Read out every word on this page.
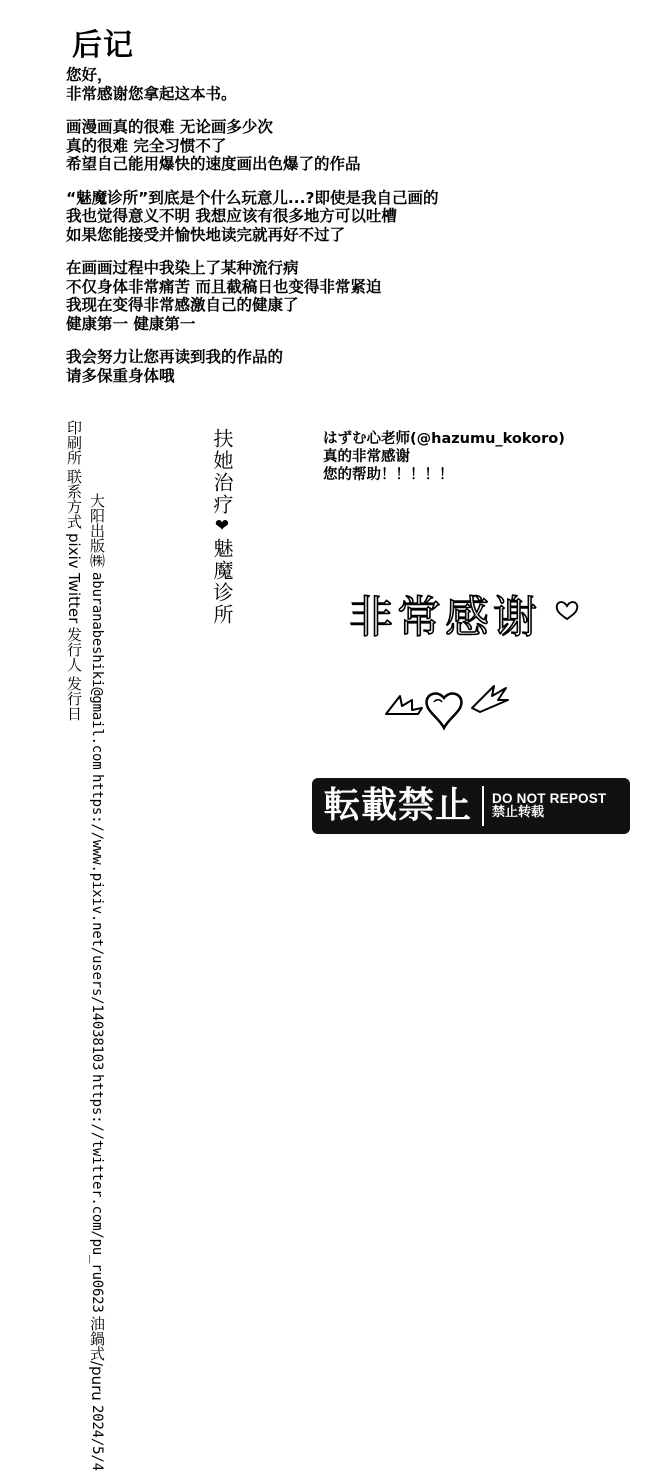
后记
您好，
非常感谢您拿起这本书。
画漫画真的很难 无论画多少次
真的很难 完全习惯不了
希望自己能用爆快的速度画出色爆了的作品
“魅魔诊所”到底是个什么玩意儿...?即使是我自己画的
我也觉得意义不明 我想应该有很多地方可以吐槽
如果您能接受并愉快地读完就再好不过了
在画画过程中我染上了某种流行病
不仅身体非常痛苦 而且截稿日也变得非常紧迫
我现在变得非常感激自己的健康了
健康第一 健康第一
我会努力让您再读到我的作品的
请多保重身体哦
扶她治疗❤魅魔诊所
发行日
发行人
Twitter
pixiv
联系方式
印刷所
2024/5/4
油鍋式/puru
https://twitter.com/pu_ru0623
https://www.pixiv.net/users/14038103
aburanabeshiki@gmail.com
大阳出版㈱
はずむ心老师(@hazumu_kokoro)
真的非常感谢
您的帮助！！！！！
非常感谢
転載禁止 DO NOT REPOST
禁止转载
